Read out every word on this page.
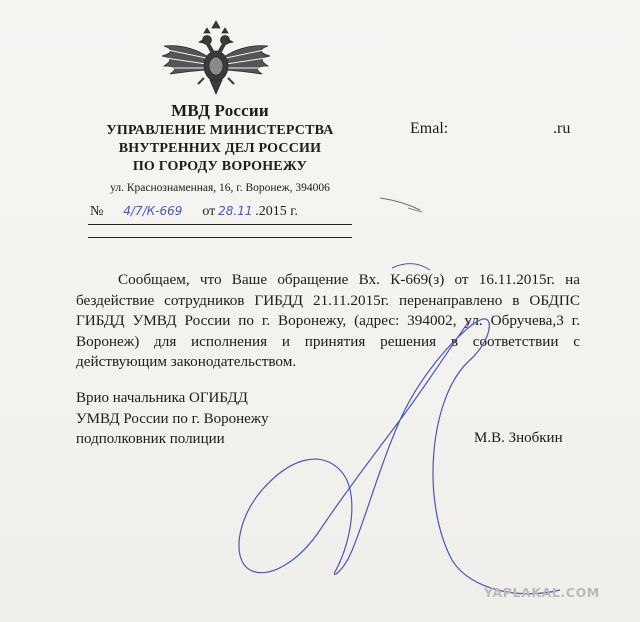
МВД России
УПРАВЛЕНИЕ МИНИСТЕРСТВА
ВНУТРЕННИХ ДЕЛ РОССИИ
ПО ГОРОДУ ВОРОНЕЖУ
ул. Краснознаменная, 16, г. Воронеж, 394006
№ 4/7/К-669 от 28.11 .2015 г.
Emal:	.ru

Сообщаем, что Ваше обращение Вх. К-669(з) от 16.11.2015г. на бездействие сотрудников ГИБДД 21.11.2015г. перенаправлено в ОБДПС ГИБДД УМВД России по г. Воронежу, (адрес: 394002, ул. Обручева,3 г. Воронеж) для исполнения и принятия решения в соответствии с действующим законодательством.

Врио начальника ОГИБДД
УМВД России по г. Воронежу
подполковник полиции	М.В. Знобкин
YAPLAKAL.COM
